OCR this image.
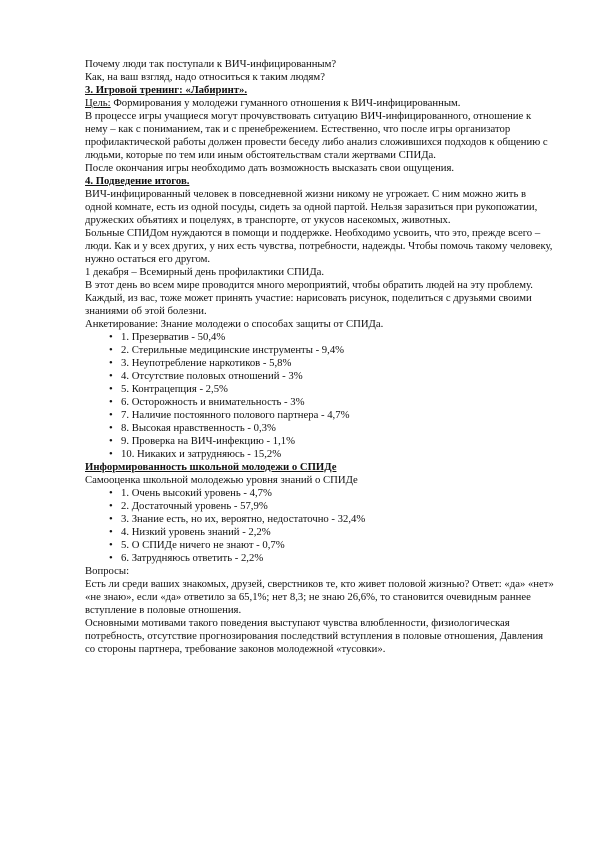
Почему люди так поступали к ВИЧ-инфицированным?

Как, на ваш взгляд, надо относиться к таким людям?

3. Игровой тренинг: «Лабиринт».

Цель: Формирования у молодежи гуманного отношения к ВИЧ-инфицированным.

В процессе игры учащиеся могут прочувствовать ситуацию ВИЧ-инфицированного, отношение к нему – как с пониманием, так и с пренебрежением. Естественно, что после игры организатор профилактической работы должен провести беседу либо анализ сложившихся подходов к общению с людьми, которые по тем или иным обстоятельствам стали жертвами СПИДа.

После окончания игры необходимо дать возможность высказать свои ощущения.

4. Подведение итогов.

ВИЧ-инфицированный человек в повседневной жизни никому не угрожает. С ним можно жить в одной комнате, есть из одной посуды, сидеть за одной партой. Нельзя заразиться при рукопожатии, дружеских объятиях и поцелуях, в транспорте, от укусов насекомых, животных.

Больные СПИДом нуждаются в помощи и поддержке. Необходимо усвоить, что это, прежде всего – люди. Как и у всех других, у них есть чувства, потребности, надежды. Чтобы помочь такому человеку, нужно остаться его другом.

1 декабря – Всемирный день профилактики СПИДа.

В этот день во всем мире проводится много мероприятий, чтобы обратить людей на эту проблему. Каждый, из вас, тоже может принять участие: нарисовать рисунок, поделиться с друзьями своими знаниями об этой болезни.

Анкетирование: Знание молодежи о способах защиты от СПИДа.

• 1. Презерватив - 50,4%
• 2. Стерильные медицинские инструменты - 9,4%
• 3. Неупотребление наркотиков - 5,8%
• 4. Отсутствие половых отношений - 3%
• 5. Контрацепция - 2,5%
• 6. Осторожность и внимательность - 3%
• 7. Наличие постоянного полового партнера - 4,7%
• 8. Высокая нравственность - 0,3%
• 9. Проверка на ВИЧ-инфекцию - 1,1%
• 10. Никаких и затрудняюсь - 15,2%

Информированность школьной молодежи о СПИДе

Самооценка школьной молодежью уровня знаний о СПИДе

• 1. Очень высокий уровень - 4,7%
• 2. Достаточный уровень - 57,9%
• 3. Знание есть, но их, вероятно, недостаточно - 32,4%
• 4. Низкий уровень знаний - 2,2%
• 5. О СПИДе ничего не знают - 0,7%
• 6. Затрудняюсь ответить - 2,2%

Вопросы:

Есть ли среди ваших знакомых, друзей, сверстников те, кто живет половой жизнью? Ответ: «да» «нет» «не знаю», если «да» ответило за 65,1%; нет 8,3; не знаю 26,6%, то становится очевидным раннее вступление в половые отношения.

Основными мотивами такого поведения выступают чувства влюбленности, физиологическая потребность, отсутствие прогнозирования последствий вступления в половые отношения, Давления со стороны партнера, требование законов молодежной «тусовки».
